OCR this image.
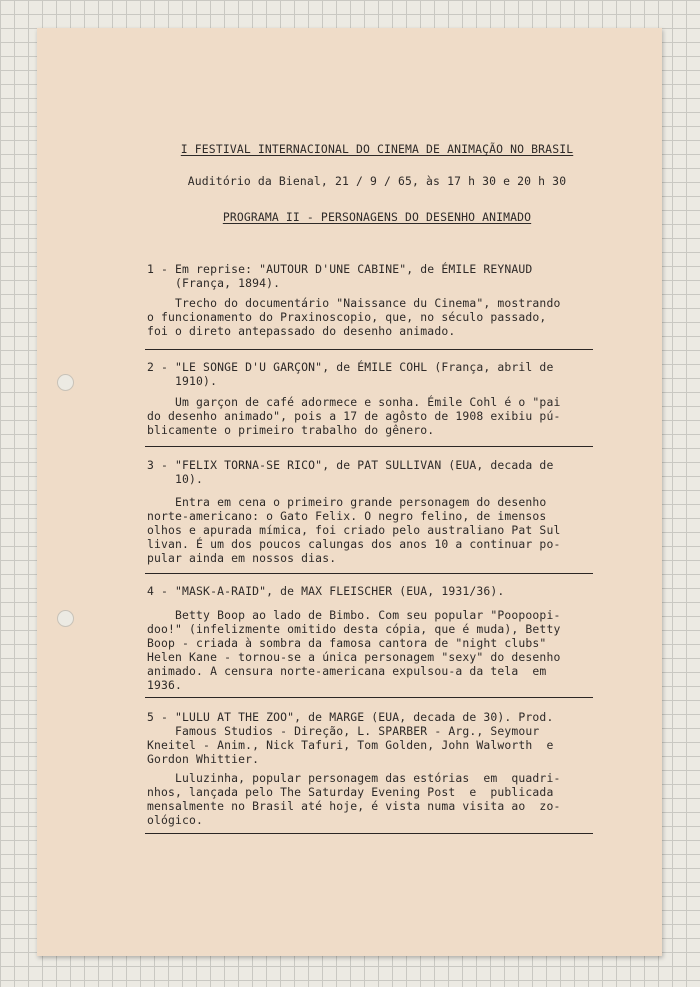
I FESTIVAL INTERNACIONAL DO CINEMA DE ANIMAÇÃO NO BRASIL
Auditório da Bienal, 21 / 9 / 65, às 17 h 30 e 20 h 30
PROGRAMA II - PERSONAGENS DO DESENHO ANIMADO
1 - Em reprise: "AUTOUR D'UNE CABINE", de ÉMILE REYNAUD
(França, 1894).
Trecho do documentário "Naissance du Cinema", mostrando
o funcionamento do Praxinoscopio, que, no século passado,
foi o direto antepassado do desenho animado.
2 - "LE SONGE D'U GARÇON", de ÉMILE COHL (França, abril de
1910).
Um garçon de café adormece e sonha. Émile Cohl é o "pai
do desenho animado", pois a 17 de agôsto de 1908 exibiu pú-
blicamente o primeiro trabalho do gênero.
3 - "FELIX TORNA-SE RICO", de PAT SULLIVAN (EUA, decada de
10).
Entra em cena o primeiro grande personagem do desenho
norte-americano: o Gato Felix. O negro felino, de imensos
olhos e apurada mímica, foi criado pelo australiano Pat Sul
livan. É um dos poucos calungas dos anos 10 a continuar po-
pular ainda em nossos dias.
4 - "MASK-A-RAID", de MAX FLEISCHER (EUA, 1931/36).
Betty Boop ao lado de Bimbo. Com seu popular "Poopoopi-
doo!" (infelizmente omitido desta cópia, que é muda), Betty
Boop - criada à sombra da famosa cantora de "night clubs"
Helen Kane - tornou-se a única personagem "sexy" do desenho
animado. A censura norte-americana expulsou-a da tela  em
1936.
5 - "LULU AT THE ZOO", de MARGE (EUA, decada de 30). Prod.
Famous Studios - Direção, L. SPARBER - Arg., Seymour
Kneitel - Anim., Nick Tafuri, Tom Golden, John Walworth  e
Gordon Whittier.
Luluzinha, popular personagem das estórias  em  quadri-
nhos, lançada pelo The Saturday Evening Post  e  publicada
mensalmente no Brasil até hoje, é vista numa visita ao  zo-
ológico.
